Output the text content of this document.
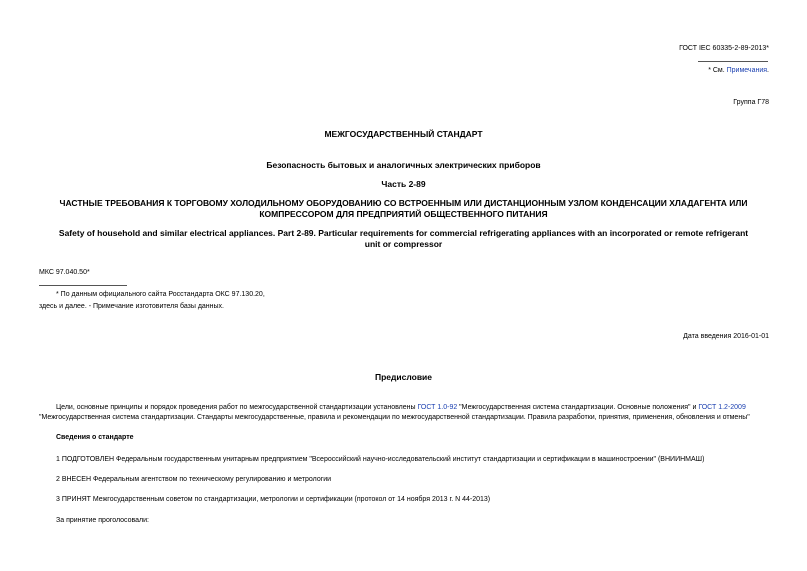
ГОСТ IEC 60335-2-89-2013*
* См. Примечания.
Группа Г78
МЕЖГОСУДАРСТВЕННЫЙ СТАНДАРТ
Безопасность бытовых и аналогичных электрических приборов
Часть 2-89
ЧАСТНЫЕ ТРЕБОВАНИЯ К ТОРГОВОМУ ХОЛОДИЛЬНОМУ ОБОРУДОВАНИЮ СО ВСТРОЕННЫМ ИЛИ ДИСТАНЦИОННЫМ УЗЛОМ КОНДЕНСАЦИИ ХЛАДАГЕНТА ИЛИ
КОМПРЕССОРОМ ДЛЯ ПРЕДПРИЯТИЙ ОБЩЕСТВЕННОГО ПИТАНИЯ
Safety of household and similar electrical appliances. Part 2-89. Particular requirements for commercial refrigerating appliances with an incorporated or remote refrigerant
unit or compressor
МКС 97.040.50*
* По данным официального сайта Росстандарта ОКС 97.130.20,
здесь и далее. - Примечание изготовителя базы данных.
Дата введения 2016-01-01
Предисловие
Цели, основные принципы и порядок проведения работ по межгосударственной стандартизации установлены ГОСТ 1.0-92 "Межгосударственная система стандартизации. Основные положения" и ГОСТ 1.2-2009
"Межгосударственная система стандартизации. Стандарты межгосударственные, правила и рекомендации по межгосударственной стандартизации. Правила разработки, принятия, применения, обновления и отмены"
Сведения о стандарте
1 ПОДГОТОВЛЕН Федеральным государственным унитарным предприятием "Всероссийский научно-исследовательский институт стандартизации и сертификации в машиностроении" (ВНИИНМАШ)
2 ВНЕСЕН Федеральным агентством по техническому регулированию и метрологии
3 ПРИНЯТ Межгосударственным советом по стандартизации, метрологии и сертификации (протокол от 14 ноября 2013 г. N 44-2013)
За принятие проголосовали:
